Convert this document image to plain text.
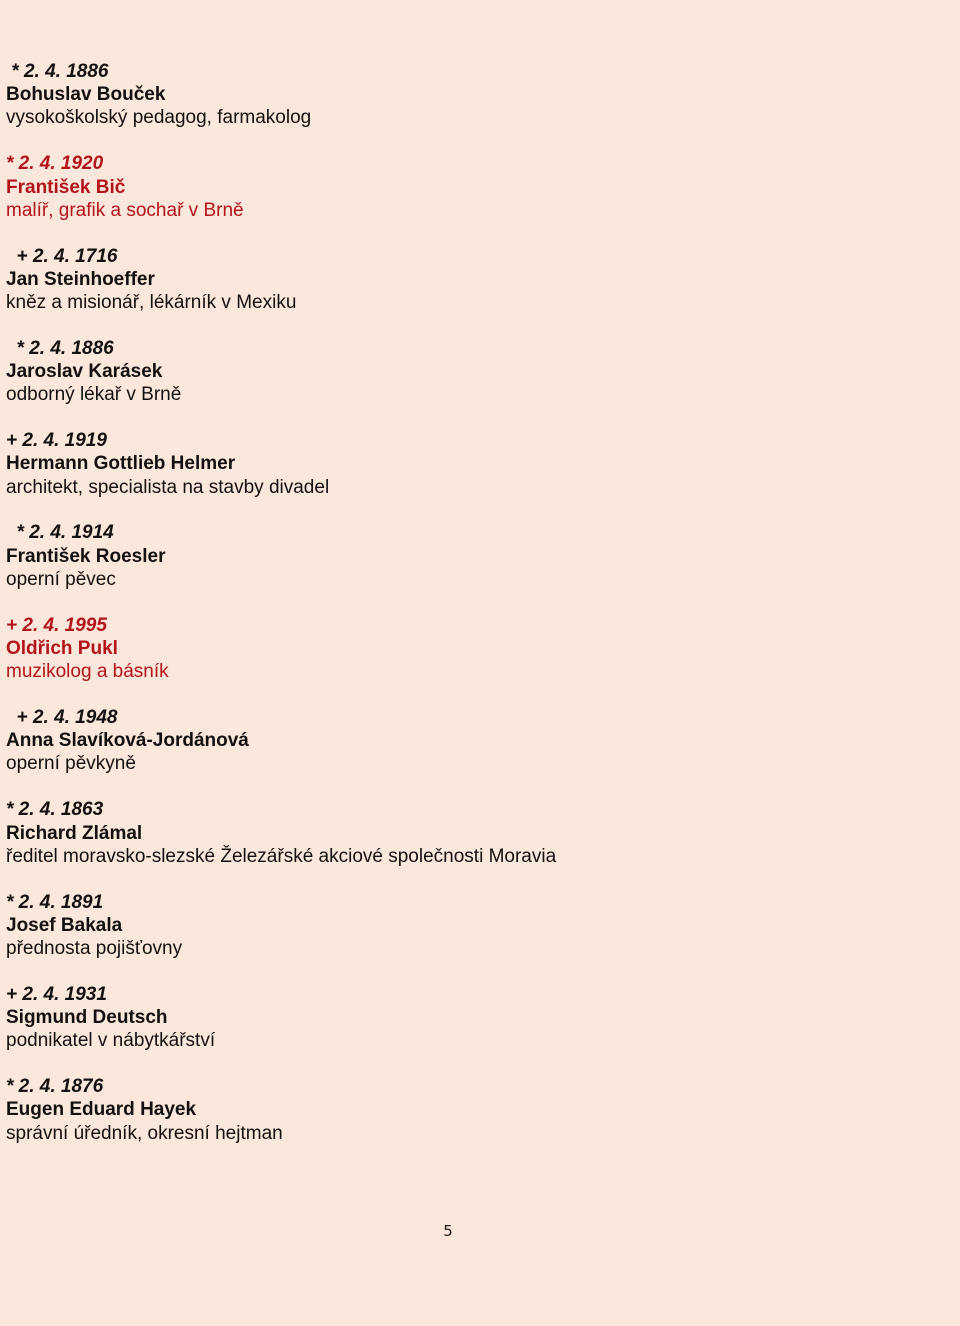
* 2. 4. 1886
Bohuslav Bouček
vysokoškolský pedagog, farmakolog
* 2. 4. 1920
František Bič
malíř, grafik a sochař v Brně
+ 2. 4. 1716
Jan Steinhoeffer
kněz a misionář, lékárník v Mexiku
* 2. 4. 1886
Jaroslav Karásek
odborný lékař v Brně
+ 2. 4. 1919
Hermann Gottlieb Helmer
architekt, specialista na stavby divadel
* 2. 4. 1914
František Roesler
operní pěvec
+ 2. 4. 1995
Oldřich Pukl
muzikolog a básník
+ 2. 4. 1948
Anna Slavíková-Jordánová
operní pěvkyně
* 2. 4. 1863
Richard Zlámal
ředitel moravsko-slezské Železářské akciové společnosti Moravia
* 2. 4. 1891
Josef Bakala
přednosta pojišťovny
+ 2. 4. 1931
Sigmund Deutsch
podnikatel v nábytkářství
* 2. 4. 1876
Eugen Eduard Hayek
správní úředník, okresní hejtman
5
